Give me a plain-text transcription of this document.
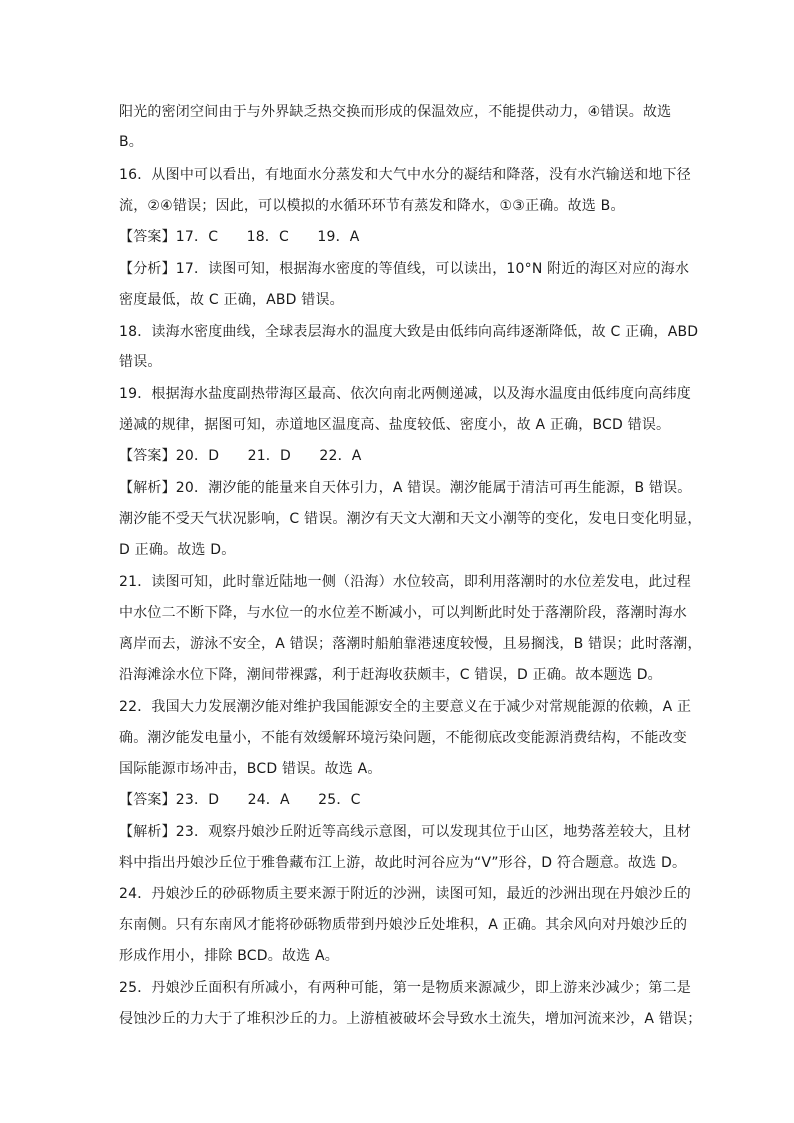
阳光的密闭空间由于与外界缺乏热交换而形成的保温效应，不能提供动力，④错误。故选
B。
16．从图中可以看出，有地面水分蒸发和大气中水分的凝结和降落，没有水汽输送和地下径
流，②④错误；因此，可以模拟的水循环环节有蒸发和降水，①③正确。故选 B。
【答案】17．C　　18．C　　19．A
【分析】17．读图可知，根据海水密度的等值线，可以读出，10°N 附近的海区对应的海水
密度最低，故 C 正确，ABD 错误。
18．读海水密度曲线，全球表层海水的温度大致是由低纬向高纬逐渐降低，故 C 正确，ABD
错误。
19．根据海水盐度副热带海区最高、依次向南北两侧递减，以及海水温度由低纬度向高纬度
递减的规律，据图可知，赤道地区温度高、盐度较低、密度小，故 A 正确，BCD 错误。
【答案】20．D　　21．D　　22．A
【解析】20．潮汐能的能量来自天体引力，A 错误。潮汐能属于清洁可再生能源，B 错误。
潮汐能不受天气状况影响，C 错误。潮汐有天文大潮和天文小潮等的变化，发电日变化明显，
D 正确。故选 D。
21．读图可知，此时靠近陆地一侧（沿海）水位较高，即利用落潮时的水位差发电，此过程
中水位二不断下降，与水位一的水位差不断减小，可以判断此时处于落潮阶段，落潮时海水
离岸而去，游泳不安全，A 错误；落潮时船舶靠港速度较慢，且易搁浅，B 错误；此时落潮，
沿海滩涂水位下降，潮间带裸露，利于赶海收获颇丰，C 错误，D 正确。故本题选 D。
22．我国大力发展潮汐能对维护我国能源安全的主要意义在于减少对常规能源的依赖，A 正
确。潮汐能发电量小，不能有效缓解环境污染问题，不能彻底改变能源消费结构，不能改变
国际能源市场冲击，BCD 错误。故选 A。
【答案】23．D　　24．A　　25．C
【解析】23．观察丹娘沙丘附近等高线示意图，可以发现其位于山区，地势落差较大，且材
料中指出丹娘沙丘位于雅鲁藏布江上游，故此时河谷应为“V”形谷，D 符合题意。故选 D。
24．丹娘沙丘的砂砾物质主要来源于附近的沙洲，读图可知，最近的沙洲出现在丹娘沙丘的
东南侧。只有东南风才能将砂砾物质带到丹娘沙丘处堆积，A 正确。其余风向对丹娘沙丘的
形成作用小，排除 BCD。故选 A。
25．丹娘沙丘面积有所减小，有两种可能，第一是物质来源减少，即上游来沙减少；第二是
侵蚀沙丘的力大于了堆积沙丘的力。上游植被破坏会导致水土流失，增加河流来沙，A 错误；
